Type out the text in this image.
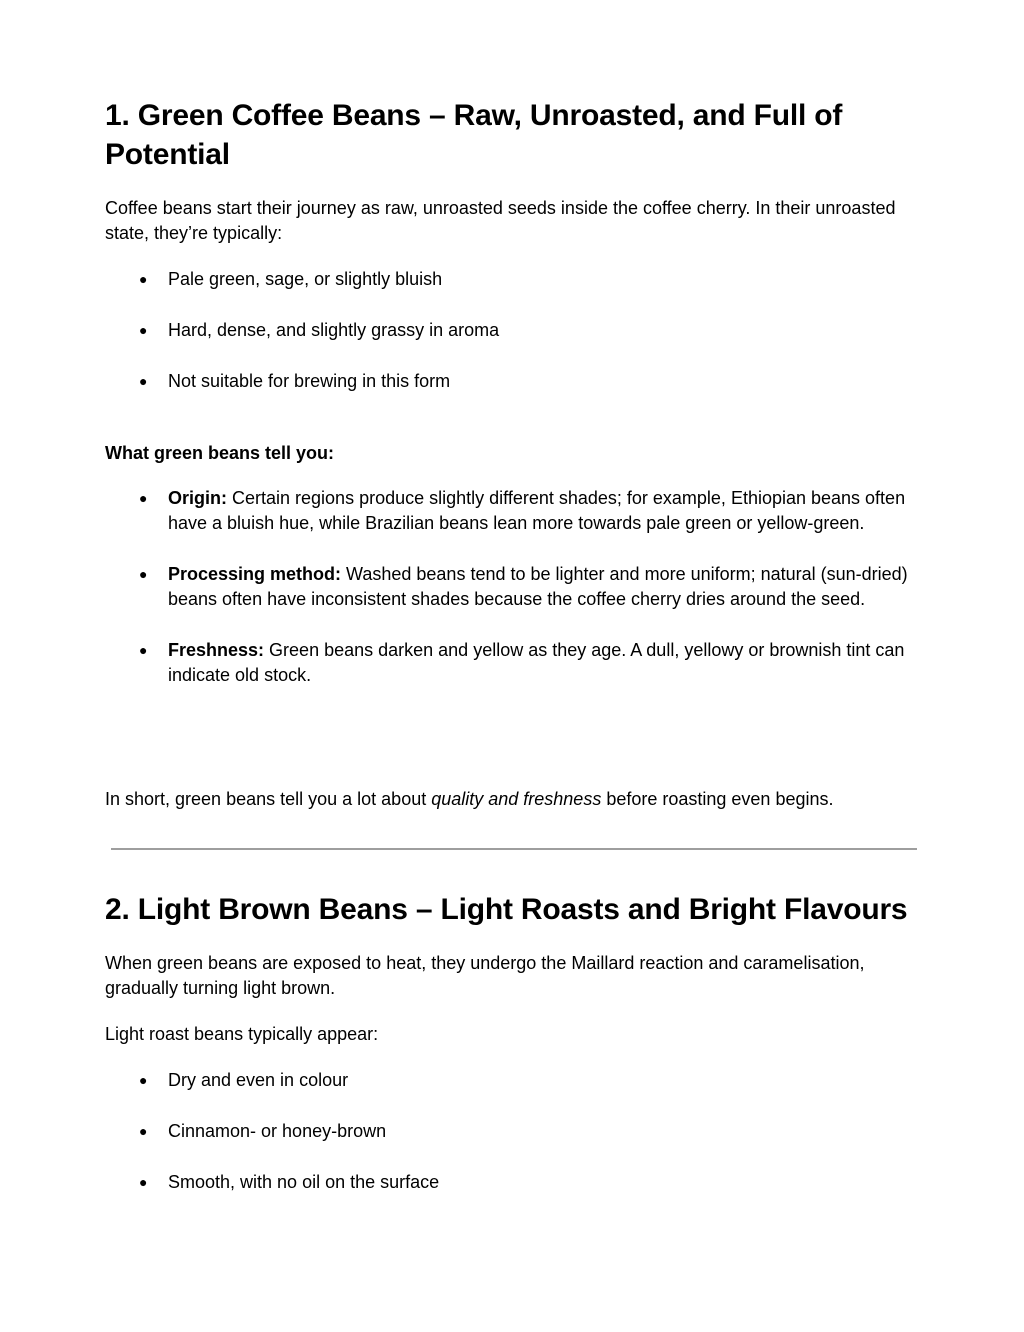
1. Green Coffee Beans – Raw, Unroasted, and Full of Potential

Coffee beans start their journey as raw, unroasted seeds inside the coffee cherry. In their unroasted state, they’re typically:

● Pale green, sage, or slightly bluish
● Hard, dense, and slightly grassy in aroma
● Not suitable for brewing in this form

What green beans tell you:

● Origin: Certain regions produce slightly different shades; for example, Ethiopian beans often have a bluish hue, while Brazilian beans lean more towards pale green or yellow-green.
● Processing method: Washed beans tend to be lighter and more uniform; natural (sun-dried) beans often have inconsistent shades because the coffee cherry dries around the seed.
● Freshness: Green beans darken and yellow as they age. A dull, yellowy or brownish tint can indicate old stock.

In short, green beans tell you a lot about quality and freshness before roasting even begins.

2. Light Brown Beans – Light Roasts and Bright Flavours

When green beans are exposed to heat, they undergo the Maillard reaction and caramelisation, gradually turning light brown.

Light roast beans typically appear:

● Dry and even in colour
● Cinnamon- or honey-brown
● Smooth, with no oil on the surface
